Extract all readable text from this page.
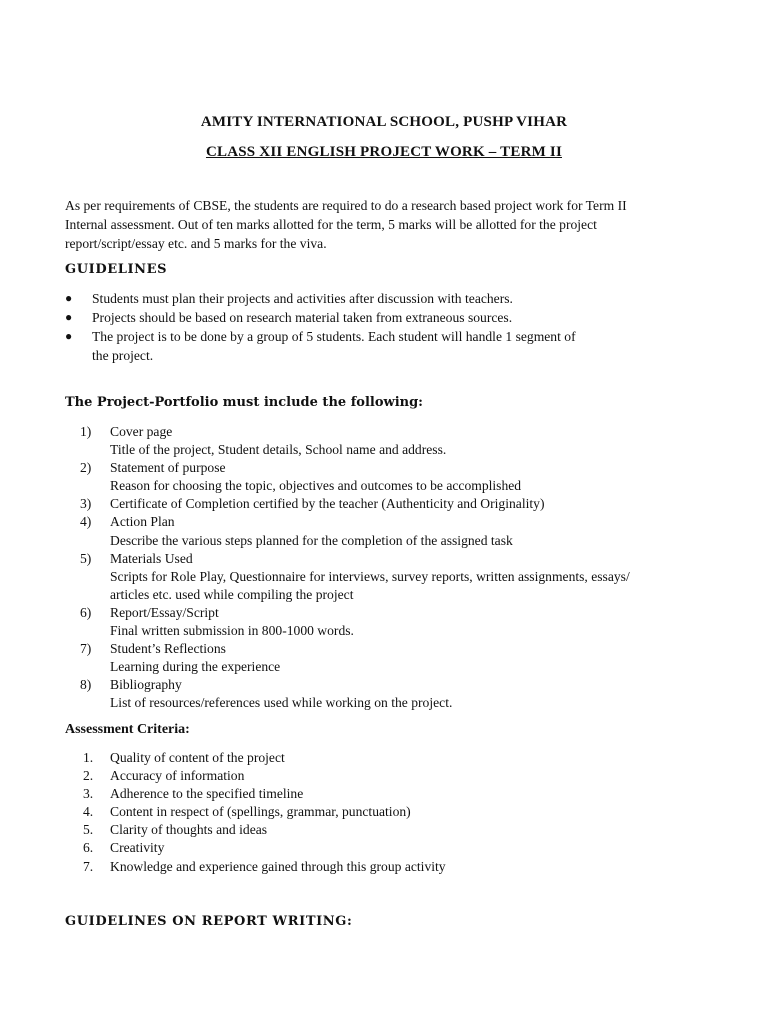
AMITY INTERNATIONAL SCHOOL, PUSHP VIHAR
CLASS XII ENGLISH PROJECT WORK – TERM II
As per requirements of CBSE, the students are required to do a research based project work for Term II
Internal assessment. Out of ten marks allotted for the term, 5 marks will be allotted for the project
report/script/essay etc. and 5 marks for the viva.
GUIDELINES
● Students must plan their projects and activities after discussion with teachers.
● Projects should be based on research material taken from extraneous sources.
● The project is to be done by a group of 5 students. Each student will handle 1 segment of
the project.
The Project-Portfolio must include the following:
1) Cover page
Title of the project, Student details, School name and address.
2) Statement of purpose
Reason for choosing the topic, objectives and outcomes to be accomplished
3) Certificate of Completion certified by the teacher (Authenticity and Originality)
4) Action Plan
Describe the various steps planned for the completion of the assigned task
5) Materials Used
Scripts for Role Play, Questionnaire for interviews, survey reports, written assignments, essays/
articles etc. used while compiling the project
6) Report/Essay/Script
Final written submission in 800-1000 words.
7) Student’s Reflections
Learning during the experience
8) Bibliography
List of resources/references used while working on the project.
Assessment Criteria:
1. Quality of content of the project
2. Accuracy of information
3. Adherence to the specified timeline
4. Content in respect of (spellings, grammar, punctuation)
5. Clarity of thoughts and ideas
6. Creativity
7. Knowledge and experience gained through this group activity
GUIDELINES ON REPORT WRITING:
